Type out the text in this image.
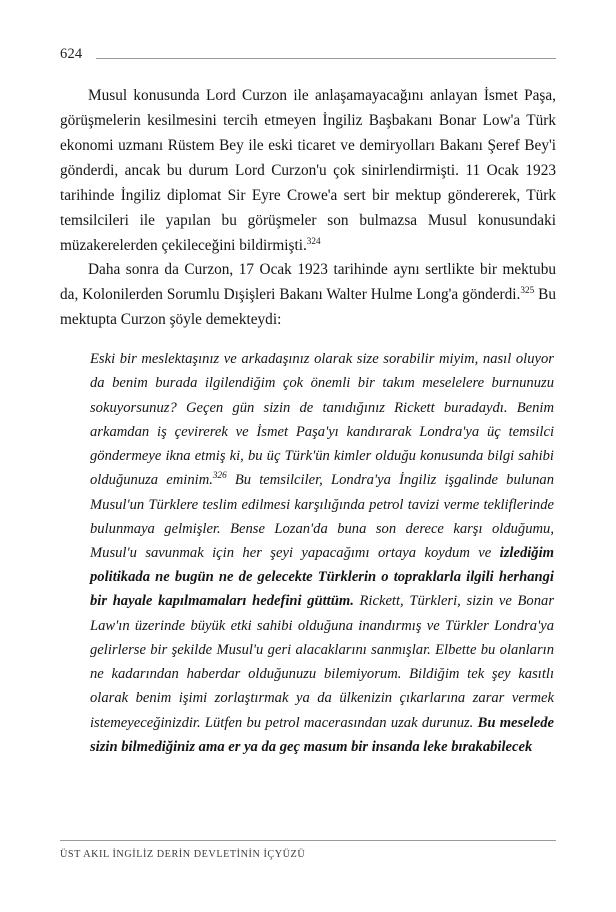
624

Musul konusunda Lord Curzon ile anlaşamayacağını anlayan İsmet Paşa, görüşmelerin kesilmesini tercih etmeyen İngiliz Başbakanı Bonar Low'a Türk ekonomi uzmanı Rüstem Bey ile eski ticaret ve demiryolları Bakanı Şeref Bey'i gönderdi, ancak bu durum Lord Curzon'u çok sinirlendirmişti. 11 Ocak 1923 tarihinde İngiliz diplomat Sir Eyre Crowe'a sert bir mektup göndererek, Türk temsilcileri ile yapılan bu görüşmeler son bulmazsa Musul konusundaki müzakerelerden çekileceğini bildirmişti.$^{324}$

Daha sonra da Curzon, 17 Ocak 1923 tarihinde aynı sertlikte bir mektubu da, Kolonilerden Sorumlu Dışişleri Bakanı Walter Hulme Long'a gönderdi.$^{325}$ Bu mektupta Curzon şöyle demekteydi:

Eski bir meslektaşınız ve arkadaşınız olarak size sorabilir miyim, nasıl oluyor da benim burada ilgilendiğim çok önemli bir takım meselelere burnunuzu sokuyorsunuz? Geçen gün sizin de tanıdığınız Rickett buradaydı. Benim arkamdan iş çevirerek ve İsmet Paşa'yı kandırarak Londra'ya üç temsilci göndermeye ikna etmiş ki, bu üç Türk'ün kimler olduğu konusunda bilgi sahibi olduğunuza eminim.$^{326}$ Bu temsilciler, Londra'ya İngiliz işgalinde bulunan Musul'un Türklere teslim edilmesi karşılığında petrol tavizi verme tekliflerinde bulunmaya gelmişler. Bense Lozan'da buna son derece karşı olduğumu, Musul'u savunmak için her şeyi yapacağımı ortaya koydum ve izlediğim politikada ne bugün ne de gelecekte Türklerin o topraklarla ilgili herhangi bir hayale kapılmamaları hedefini güttüm. Rickett, Türkleri, sizin ve Bonar Law'ın üzerinde büyük etki sahibi olduğuna inandırmış ve Türkler Londra'ya gelirlerse bir şekilde Musul'u geri alacaklarını sanmışlar. Elbette bu olanların ne kadarından haberdar olduğunuzu bilemiyorum. Bildiğim tek şey kasıtlı olarak benim işimi zorlaştırmak ya da ülkenizin çıkarlarına zarar vermek istemeyeceğinizdir. Lütfen bu petrol macerasından uzak durunuz. Bu meselede sizin bilmediğiniz ama er ya da geç masum bir insanda leke bırakabilecek
ÜST AKIL İNGİLİZ DERİN DEVLETİNİN İÇYÜZÜ
